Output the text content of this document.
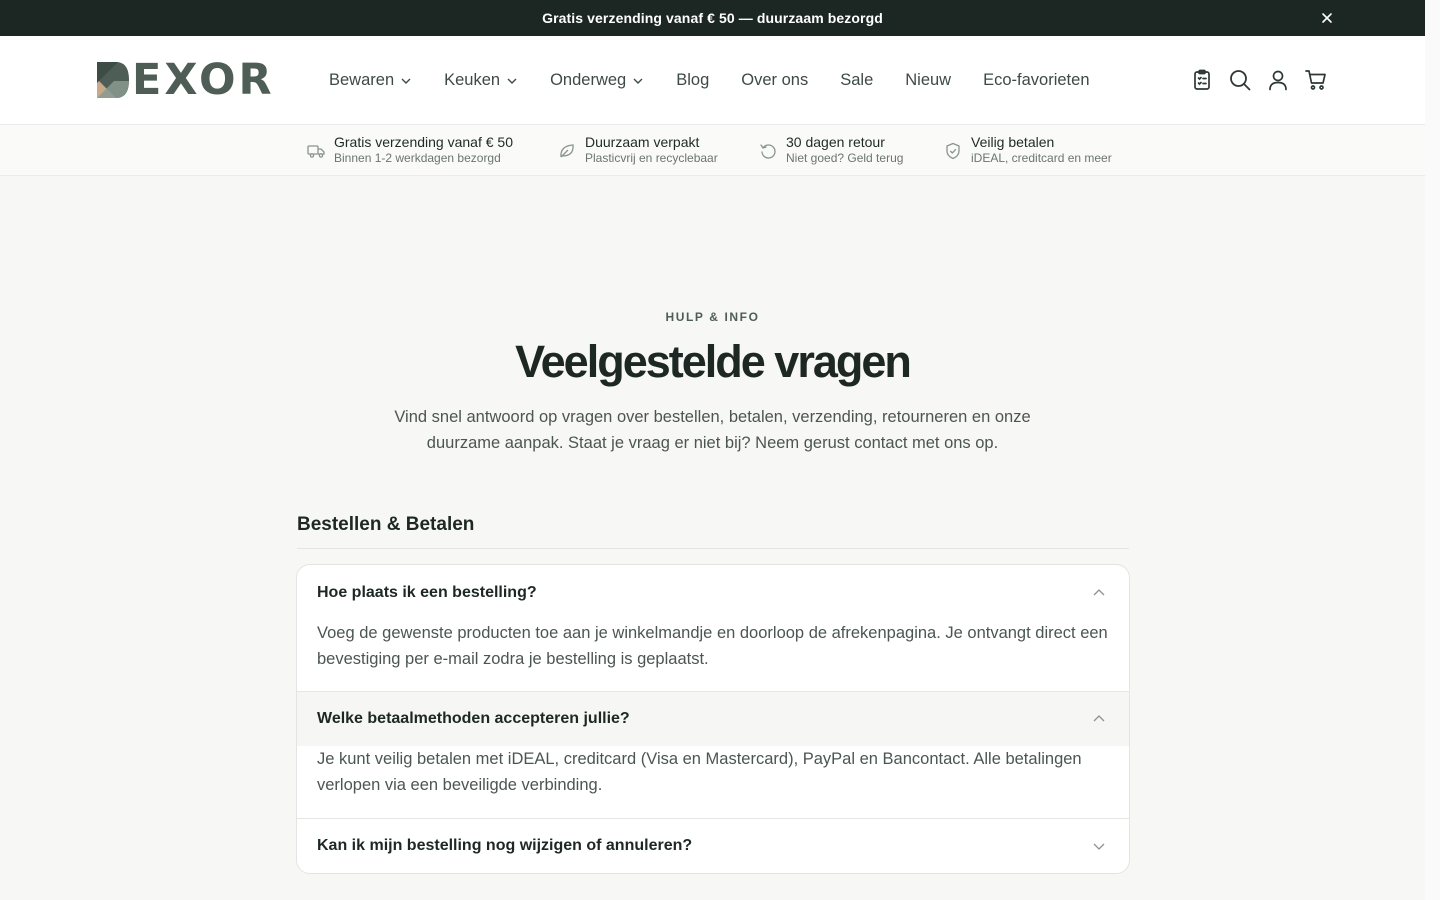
Gratis verzending vanaf € 50 — duurzaam bezorgd
EXOR	Bewaren	Keuken	Onderweg	Blog Over ons Sale Nieuw Eco-favorieten
Gratis verzending vanaf € 50
Binnen 1-2 werkdagen bezorgd
Duurzaam verpakt
Plasticvrij en recyclebaar
30 dagen retour
Niet goed? Geld terug
Veilig betalen
iDEAL, creditcard en meer
HULP & INFO
Veelgestelde vragen

Vind snel antwoord op vragen over bestellen, betalen, verzending, retourneren en onze duurzame aanpak. Staat je vraag er niet bij? Neem gerust contact met ons op.

Bestellen & Betalen
Hoe plaats ik een bestelling?
Voeg de gewenste producten toe aan je winkelmandje en doorloop de afrekenpagina. Je ontvangt direct een bevestiging per e-mail zodra je bestelling is geplaatst.
Welke betaalmethoden accepteren jullie?
Je kunt veilig betalen met iDEAL, creditcard (Visa en Mastercard), PayPal en Bancontact. Alle betalingen verlopen via een beveiligde verbinding.
Kan ik mijn bestelling nog wijzigen of annuleren?
